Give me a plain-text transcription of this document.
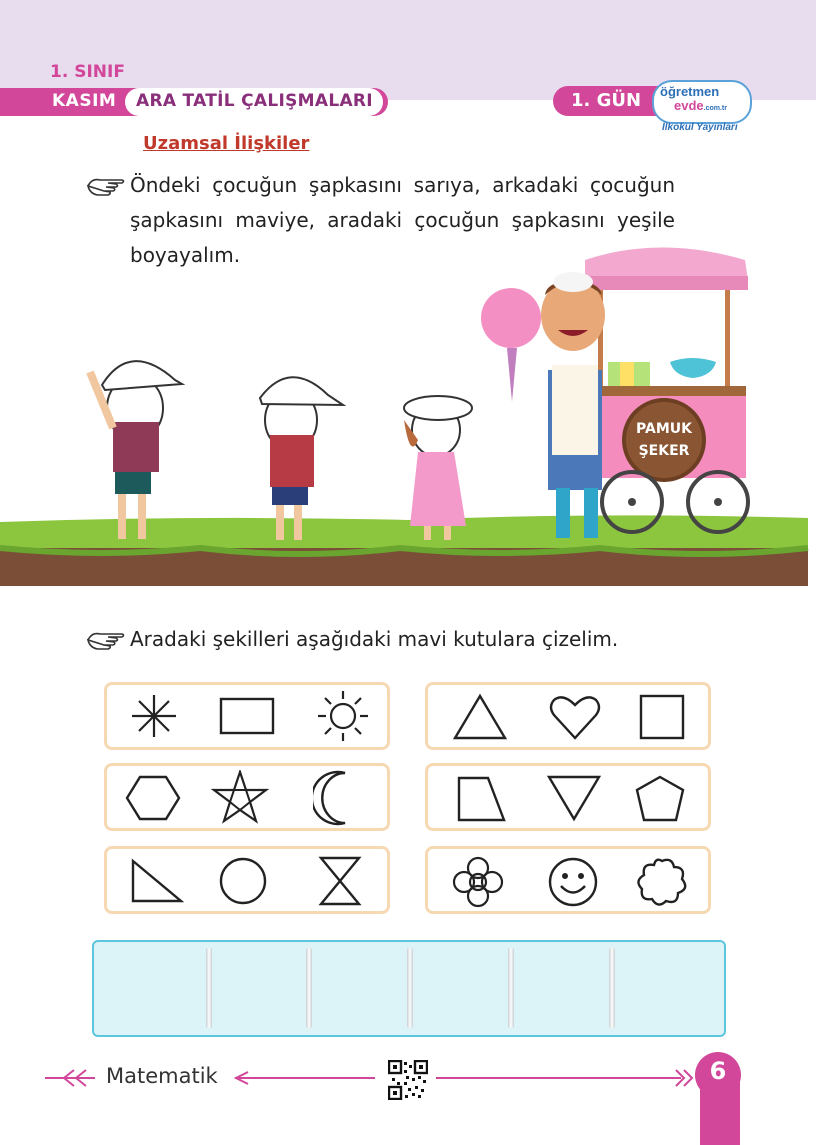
1. SINIF
KASIM ARA TATİL ÇALIŞMALARI	1. GÜN öğretmen
evde.com.tr
İlkokul Yayınları
Uzamsal İlişkiler
Öndeki çocuğun şapkasını sarıya, arkadaki çocuğun şapkasını maviye, aradaki çocuğun şapkasını yeşile boyayalım.
PAMUK
ŞEKER
Aradaki şekilleri aşağıdaki mavi kutulara çizelim.
Matematik	6
